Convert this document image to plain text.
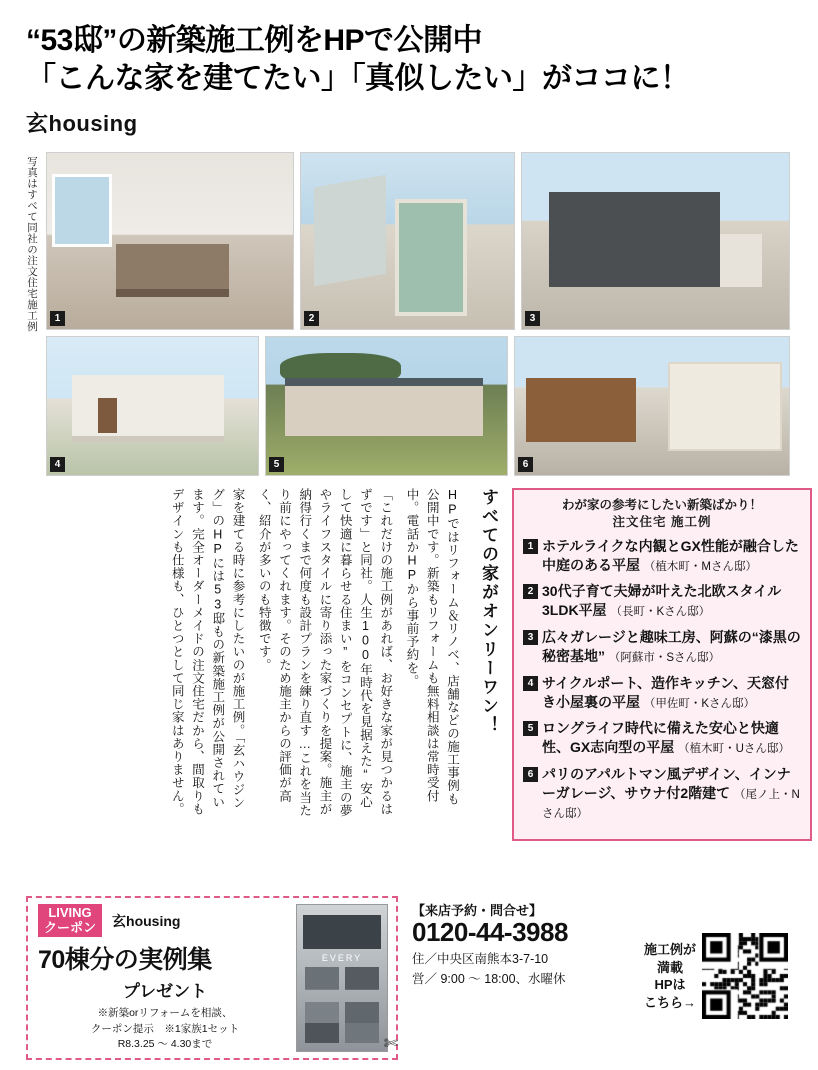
“53邸”の新築施工例をHPで公開中
「こんな家を建てたい」「真似したい」がココに！
玄housing
写真はすべて同社の注文住宅施工例	1	2	3
4	5	6
わが家の参考にしたい新築ばかり！
注文住宅 施工例
1 ホテルライクな内観とGX性能が融合した中庭のある平屋 （植木町・Mさん邸）
2 30代子育て夫婦が叶えた北欧スタイル3LDK平屋 （長町・Kさん邸）
3 広々ガレージと趣味工房、阿蘇の“漆黒の秘密基地” （阿蘇市・Sさん邸）
4 サイクルポート、造作キッチン、天窓付き小屋裏の平屋 （甲佐町・Kさん邸）
5 ロングライフ時代に備えた安心と快適性、GX志向型の平屋 （植木町・Uさん邸）
6 パリのアパルトマン風デザイン、インナーガレージ、サウナ付2階建て （尾ノ上・Nさん邸）
すべての家がオンリーワン！
家を建てる時に参考にしたいのが施工例。「玄ハウジング」のHPには53邸もの新築施工例が公開されています。完全オーダーメイドの注文住宅だから、間取りもデザインも仕様も、ひとつとして同じ家はありません。	「これだけの施工例があれば、お好きな家が見つかるはずです」と同社。人生100年時代を見据えた“安心して快適に暮らせる住まい”をコンセプトに、施主の夢やライフスタイルに寄り添った家づくりを提案。施主が納得行くまで何度も設計プランを練り直す…これを当たり前にやってくれます。そのため施主からの評価が高く、紹介が多いのも特徴です。	HPではリフォーム＆リノベ、店舗などの施工事例も公開中です。新築もリフォームも無料相談は常時受付中。電話かHPから事前予約を。
LIVING
クーポン 玄housing
70棟分の実例集
プレゼント
※新築orリフォームを相談、
クーポン提示　※1家族1セット
R8.3.25 ～ 4.30まで
EVERY
✄
【来店予約・問合せ】
0120-44-3988
住／中央区南熊本3-7-10
営／ 9:00 ～ 18:00、水曜休
施工例が
満載
HPは
こちら→
